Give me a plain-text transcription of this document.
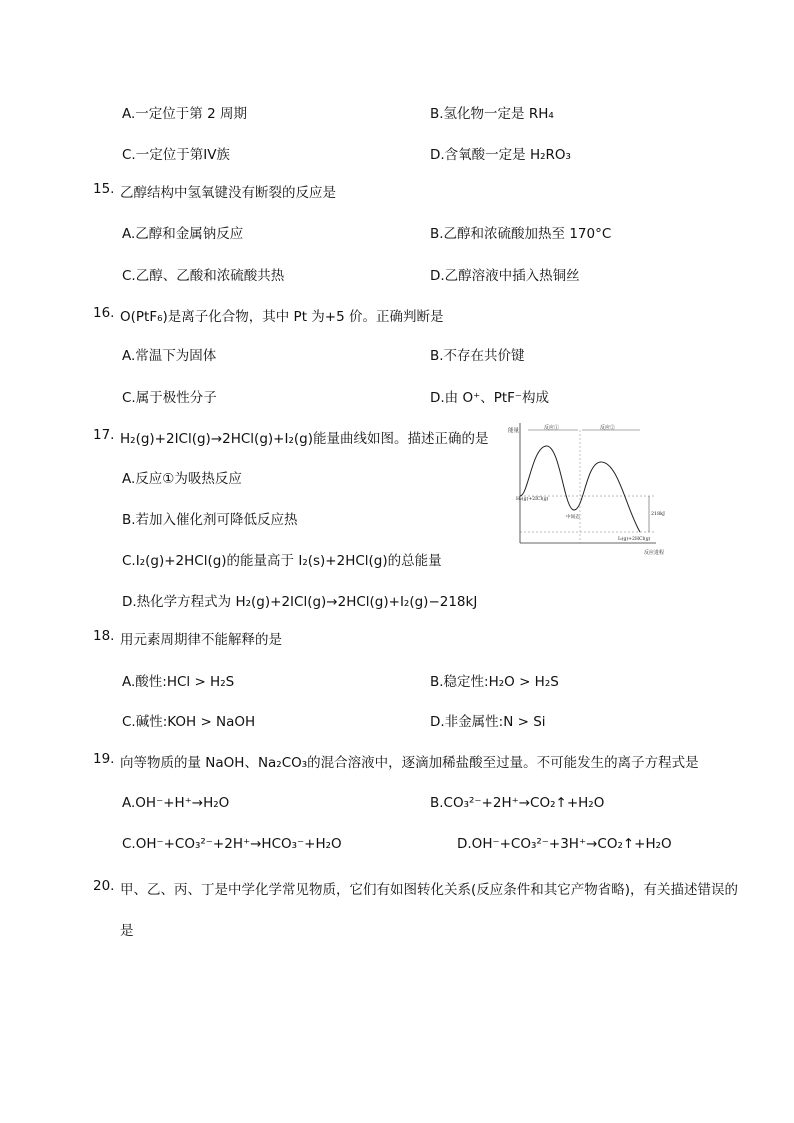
A.一定位于第 2 周期	B.氢化物一定是 RH₄
C.一定位于第IV族	D.含氧酸一定是 H₂RO₃
15. 乙醇结构中氢氧键没有断裂的反应是
A.乙醇和金属钠反应	B.乙醇和浓硫酸加热至 170°C
C.乙醇、乙酸和浓硫酸共热	D.乙醇溶液中插入热铜丝
16. O(PtF₆)是离子化合物，其中 Pt 为+5 价。正确判断是
A.常温下为固体	B.不存在共价键
C.属于极性分子	D.由 O⁺、PtF⁻构成
17. H₂(g)+2ICl(g)→2HCl(g)+I₂(g)能量曲线如图。描述正确的是
A.反应①为吸热反应
B.若加入催化剂可降低反应热
C.I₂(g)+2HCl(g)的能量高于 I₂(s)+2HCl(g)的总能量
D.热化学方程式为 H₂(g)+2ICl(g)→2HCl(g)+I₂(g)−218kJ
能量
反应进程
反应①	反应②
H₂(g)+2ICl(g)
中间态
I₂(g)+2HCl(g)
218kJ
18. 用元素周期律不能解释的是
A.酸性:HCl > H₂S	B.稳定性:H₂O > H₂S
C.碱性:KOH > NaOH	D.非金属性:N > Si
19. 向等物质的量 NaOH、Na₂CO₃的混合溶液中，逐滴加稀盐酸至过量。不可能发生的离子方程式是
A.OH⁻+H⁺→H₂O	B.CO₃²⁻+2H⁺→CO₂↑+H₂O
C.OH⁻+CO₃²⁻+2H⁺→HCO₃⁻+H₂O	D.OH⁻+CO₃²⁻+3H⁺→CO₂↑+H₂O
20. 甲、乙、丙、丁是中学化学常见物质，它们有如图转化关系(反应条件和其它产物省略)，有关描述错误的
是
